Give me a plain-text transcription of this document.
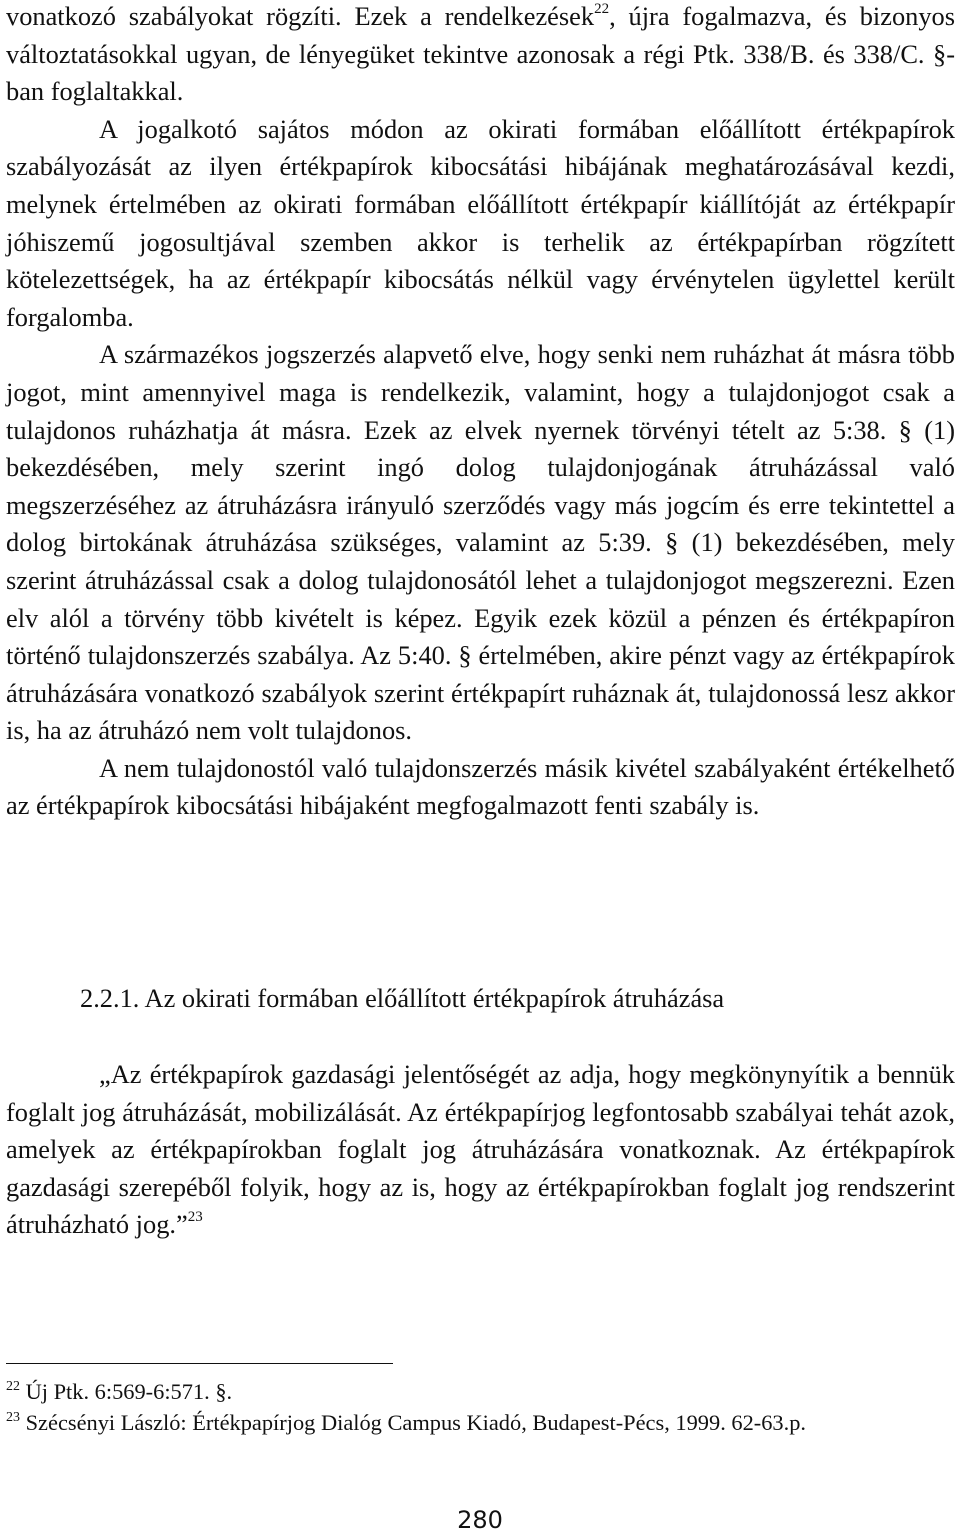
vonatkozó szabályokat rögzíti. Ezek a rendelkezések$^{22}$, újra fogalmazva, és bizonyos változtatásokkal ugyan, de lényegüket tekintve azonosak a régi Ptk. 338/B. és 338/C. §-ban foglaltakkal.

A jogalkotó sajátos módon az okirati formában előállított értékpapírok szabályozását az ilyen értékpapírok kibocsátási hibájának meghatározásával kezdi, melynek értelmében az okirati formában előállított értékpapír kiállítóját az értékpapír jóhiszemű jogosultjával szemben akkor is terhelik az értékpapírban rögzített kötelezettségek, ha az értékpapír kibocsátás nélkül vagy érvénytelen ügylettel került forgalomba.

A származékos jogszerzés alapvető elve, hogy senki nem ruházhat át másra több jogot, mint amennyivel maga is rendelkezik, valamint, hogy a tulajdonjogot csak a tulajdonos ruházhatja át másra. Ezek az elvek nyernek törvényi tételt az 5:38. § (1) bekezdésében, mely szerint ingó dolog tulajdonjogának átruházással való megszerzéséhez az átruházásra irányuló szerződés vagy más jogcím és erre tekintettel a dolog birtokának átruházása szükséges, valamint az 5:39. § (1) bekezdésében, mely szerint átruházással csak a dolog tulajdonosától lehet a tulajdonjogot megszerezni. Ezen elv alól a törvény több kivételt is képez. Egyik ezek közül a pénzen és értékpapíron történő tulajdonszerzés szabálya. Az 5:40. § értelmében, akire pénzt vagy az értékpapírok átruházására vonatkozó szabályok szerint értékpapírt ruháznak át, tulajdonossá lesz akkor is, ha az átruházó nem volt tulajdonos.

A nem tulajdonostól való tulajdonszerzés másik kivétel szabályaként értékelhető az értékpapírok kibocsátási hibájaként megfogalmazott fenti szabály is.

2.2.1. Az okirati formában előállított értékpapírok átruházása

„Az értékpapírok gazdasági jelentőségét az adja, hogy megkönynyítik a bennük foglalt jog átruházását, mobilizálását. Az értékpapírjog legfontosabb szabályai tehát azok, amelyek az értékpapírokban foglalt jog átruházására vonatkoznak. Az értékpapírok gazdasági szerepéből folyik, hogy az is, hogy az értékpapírokban foglalt jog rendszerint átruházható jog.”$^{23}$

$^{22}$ Új Ptk. 6:569-6:571. §.

$^{23}$ Szécsényi László: Értékpapírjog Dialóg Campus Kiadó, Budapest-Pécs, 1999. 62-63.p.

280
